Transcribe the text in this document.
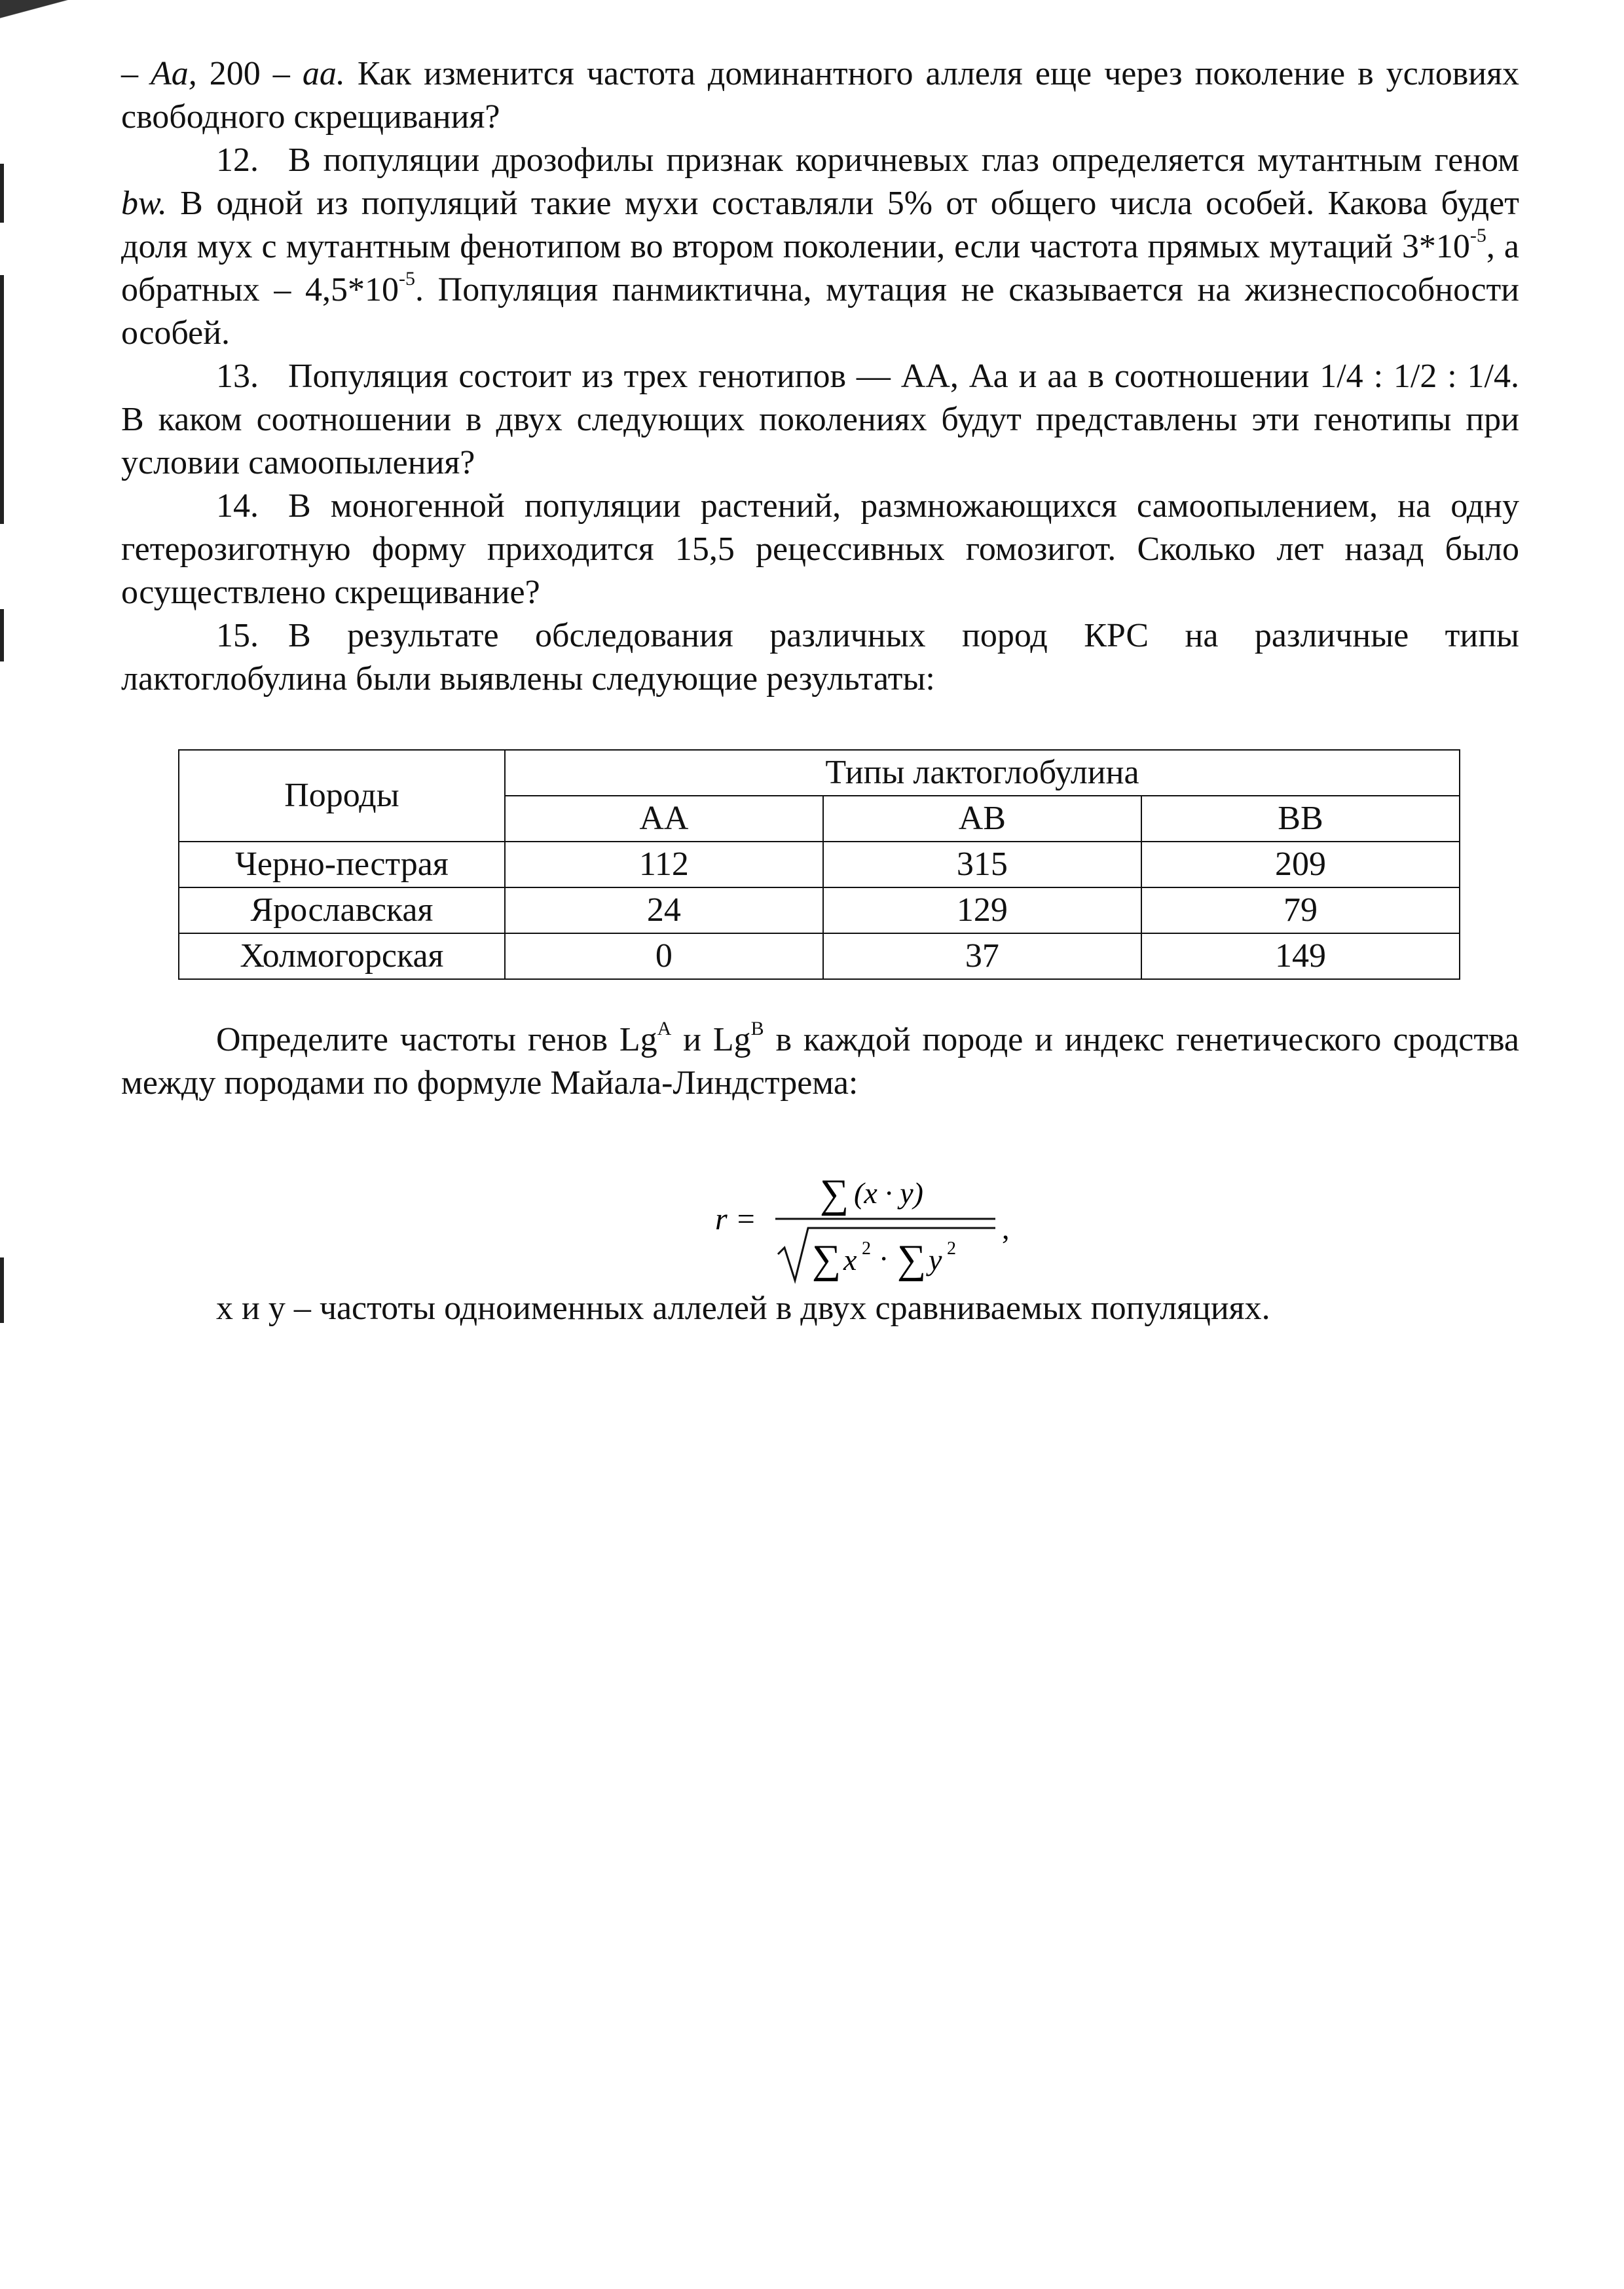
– Aa, 200 – aa. Как изменится частота доминантного аллеля еще через поколение в условиях свободного скрещивания?

12. В популяции дрозофилы признак коричневых глаз определяется мутантным геном bw. В одной из популяций такие мухи составляли 5% от общего числа особей. Какова будет доля мух с мутантным фенотипом во втором поколении, если частота прямых мутаций $3*10^{-5}$, а обратных – $4,5*10^{-5}$. Популяция панмиктична, мутация не сказывается на жизнеспособности особей.

13. Популяция состоит из трех генотипов — АА, Аа и аа в соотношении 1/4 : 1/2 : 1/4. В каком соотношении в двух следующих поколениях будут представлены эти генотипы при условии самоопыления?

14. В моногенной популяции растений, размножающихся самоопылением, на одну гетерозиготную форму приходится 15,5 рецессивных гомозигот. Сколько лет назад было осуществлено скрещивание?

15. В результате обследования различных пород КРС на различные типы лактоглобулина были выявлены следующие результаты:

Породы	Типы лактоглобулина		
	АА	АВ	ВВ
Черно-пестрая	112	315	209
Ярославская	24	129	79
Холмогорская	0	37	149

Определите частоты генов $Lg^A$ и $Lg^B$ в каждой породе и индекс генетического сродства между породами по формуле Майала-Линдстрема:

r =
∑ (x · y)
∑ x 2 · ∑ y 2
,
x и y – частоты одноименных аллелей в двух сравниваемых популяциях.
